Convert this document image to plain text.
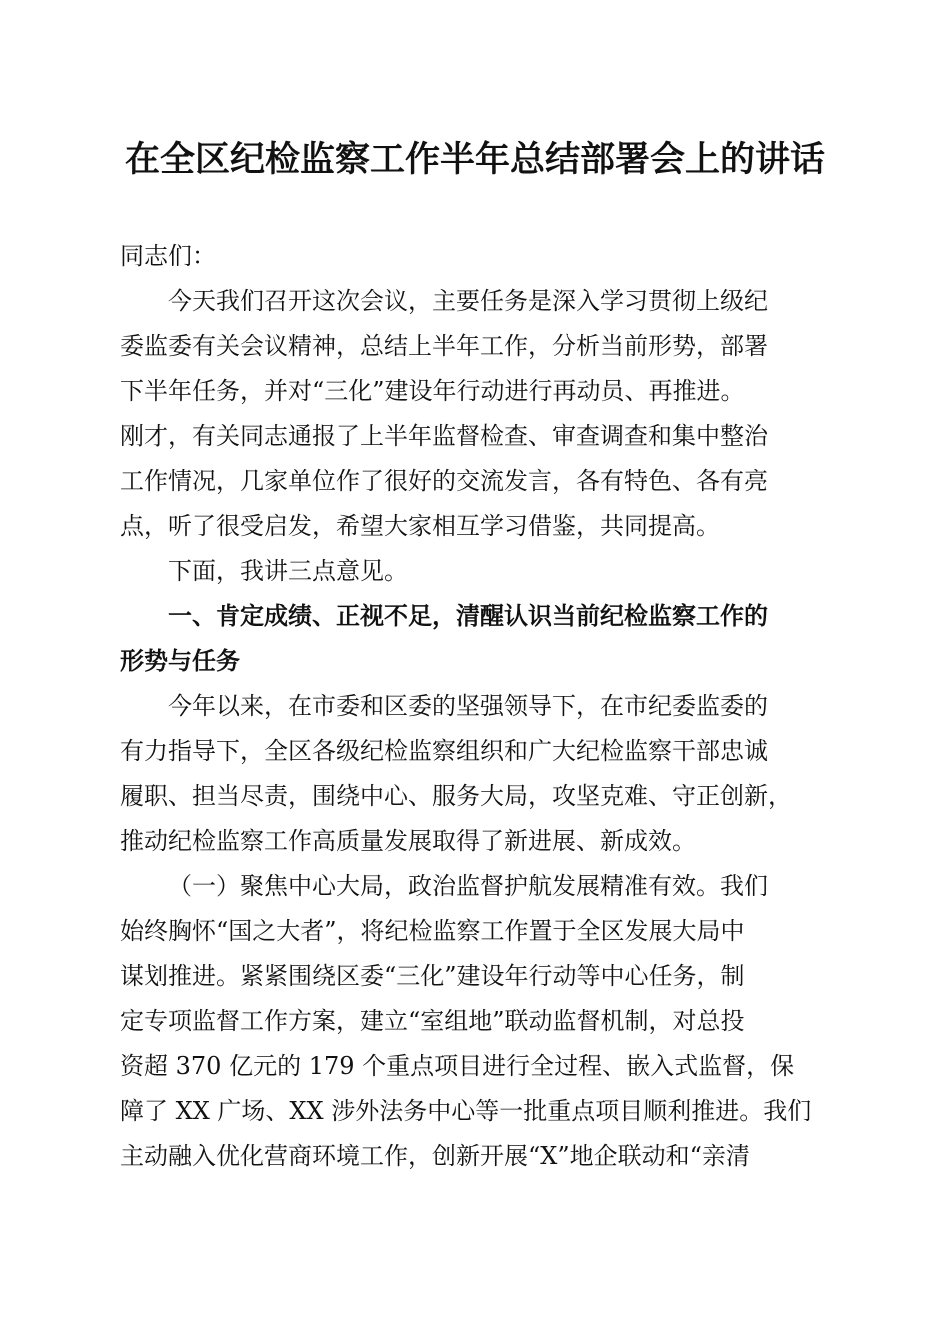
在全区纪检监察工作半年总结部署会上的讲话
同志们：
今天我们召开这次会议，主要任务是深入学习贯彻上级纪
委监委有关会议精神，总结上半年工作，分析当前形势，部署
下半年任务，并对“三化”建设年行动进行再动员、再推进。
刚才，有关同志通报了上半年监督检查、审查调查和集中整治
工作情况，几家单位作了很好的交流发言，各有特色、各有亮
点，听了很受启发，希望大家相互学习借鉴，共同提高。
下面，我讲三点意见。
一、肯定成绩、正视不足，清醒认识当前纪检监察工作的
形势与任务
今年以来，在市委和区委的坚强领导下，在市纪委监委的
有力指导下，全区各级纪检监察组织和广大纪检监察干部忠诚
履职、担当尽责，围绕中心、服务大局，攻坚克难、守正创新，
推动纪检监察工作高质量发展取得了新进展、新成效。
（一）聚焦中心大局，政治监督护航发展精准有效。我们
始终胸怀“国之大者”，将纪检监察工作置于全区发展大局中
谋划推进。紧紧围绕区委“三化”建设年行动等中心任务，制
定专项监督工作方案，建立“室组地”联动监督机制，对总投
资超 370 亿元的 179 个重点项目进行全过程、嵌入式监督，保
障了 XX 广场、XX 涉外法务中心等一批重点项目顺利推进。我们
主动融入优化营商环境工作，创新开展“X”地企联动和“亲清
